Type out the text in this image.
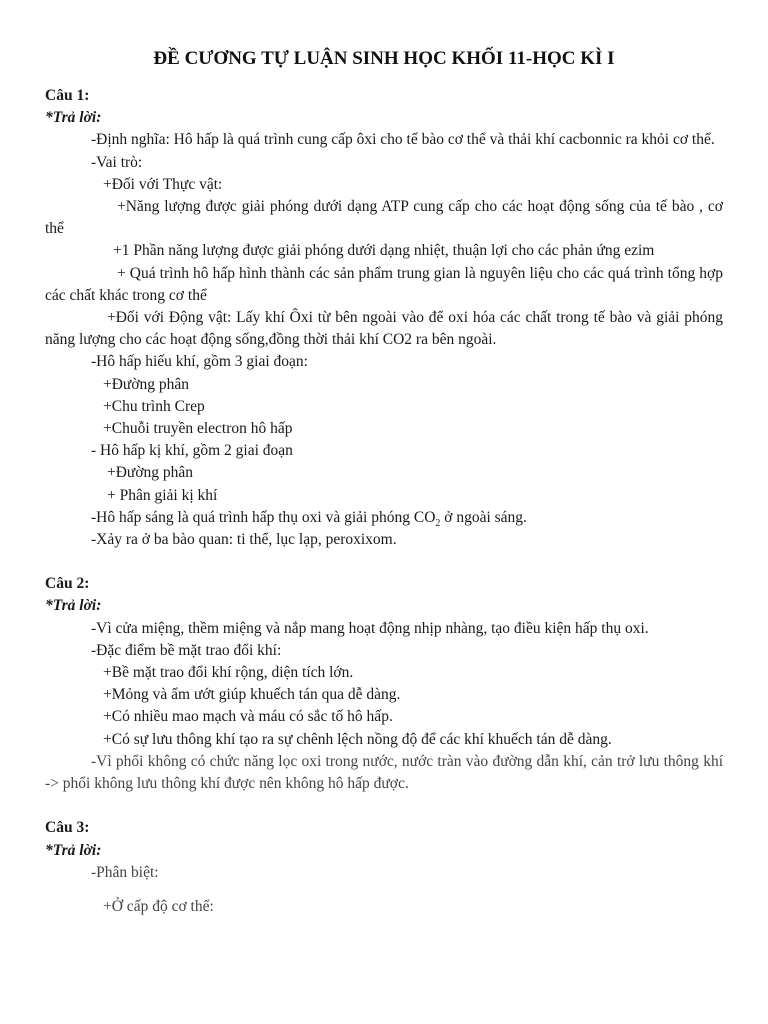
ĐỀ CƯƠNG TỰ LUẬN SINH HỌC KHỐI 11-HỌC KÌ I

Câu 1:

*Trả lời:

-Định nghĩa: Hô hấp là quá trình cung cấp ôxi cho tế bào cơ thể và thải khí cacbonnic ra khỏi cơ thể.

-Vai trò:

+Đối với Thực vật:

+Năng lượng được giải phóng dưới dạng ATP cung cấp cho các hoạt động sống của tế bào , cơ thể

+1 Phần năng lượng được giải phóng dưới dạng nhiệt, thuận lợi cho các phản ứng ezim

+ Quá trình hô hấp hình thành các sản phẩm trung gian là nguyên liệu cho các quá trình tổng hợp các chất khác trong cơ thể

+Đối với Động vật: Lấy khí Ôxi từ bên ngoài vào để oxi hóa các chất trong tế bào và giải phóng năng lượng cho các hoạt động sống,đồng thời thải khí CO2 ra bên ngoài.

-Hô hấp hiếu khí, gồm 3 giai đoạn:

+Đường phân

+Chu trình Crep

+Chuỗi truyền electron hô hấp

- Hô hấp kị khí, gồm 2 giai đoạn

+Đường phân

+ Phân giải kị khí

-Hô hấp sáng là quá trình hấp thụ oxi và giải phóng $CO_2$ ở ngoài sáng.

-Xảy ra ở ba bào quan: ti thể, lục lạp, peroxixom.

Câu 2:

*Trả lời:

-Vì cửa miệng, thềm miệng và nắp mang hoạt động nhịp nhàng, tạo điều kiện hấp thụ oxi.

-Đặc điểm bề mặt trao đổi khí:

+Bề mặt trao đổi khí rộng, diện tích lớn.

+Mỏng và ẩm ướt giúp khuếch tán qua dễ dàng.

+Có nhiều mao mạch và máu có sắc tố hô hấp.

+Có sự lưu thông khí tạo ra sự chênh lệch nồng độ để các khí khuếch tán dễ dàng.

-Vì phổi không có chức năng lọc oxi trong nước, nước tràn vào đường dẫn khí, cản trở lưu thông khí -> phổi không lưu thông khí được nên không hô hấp được.

Câu 3:

*Trả lời:

-Phân biệt:

+Ở cấp độ cơ thể:
